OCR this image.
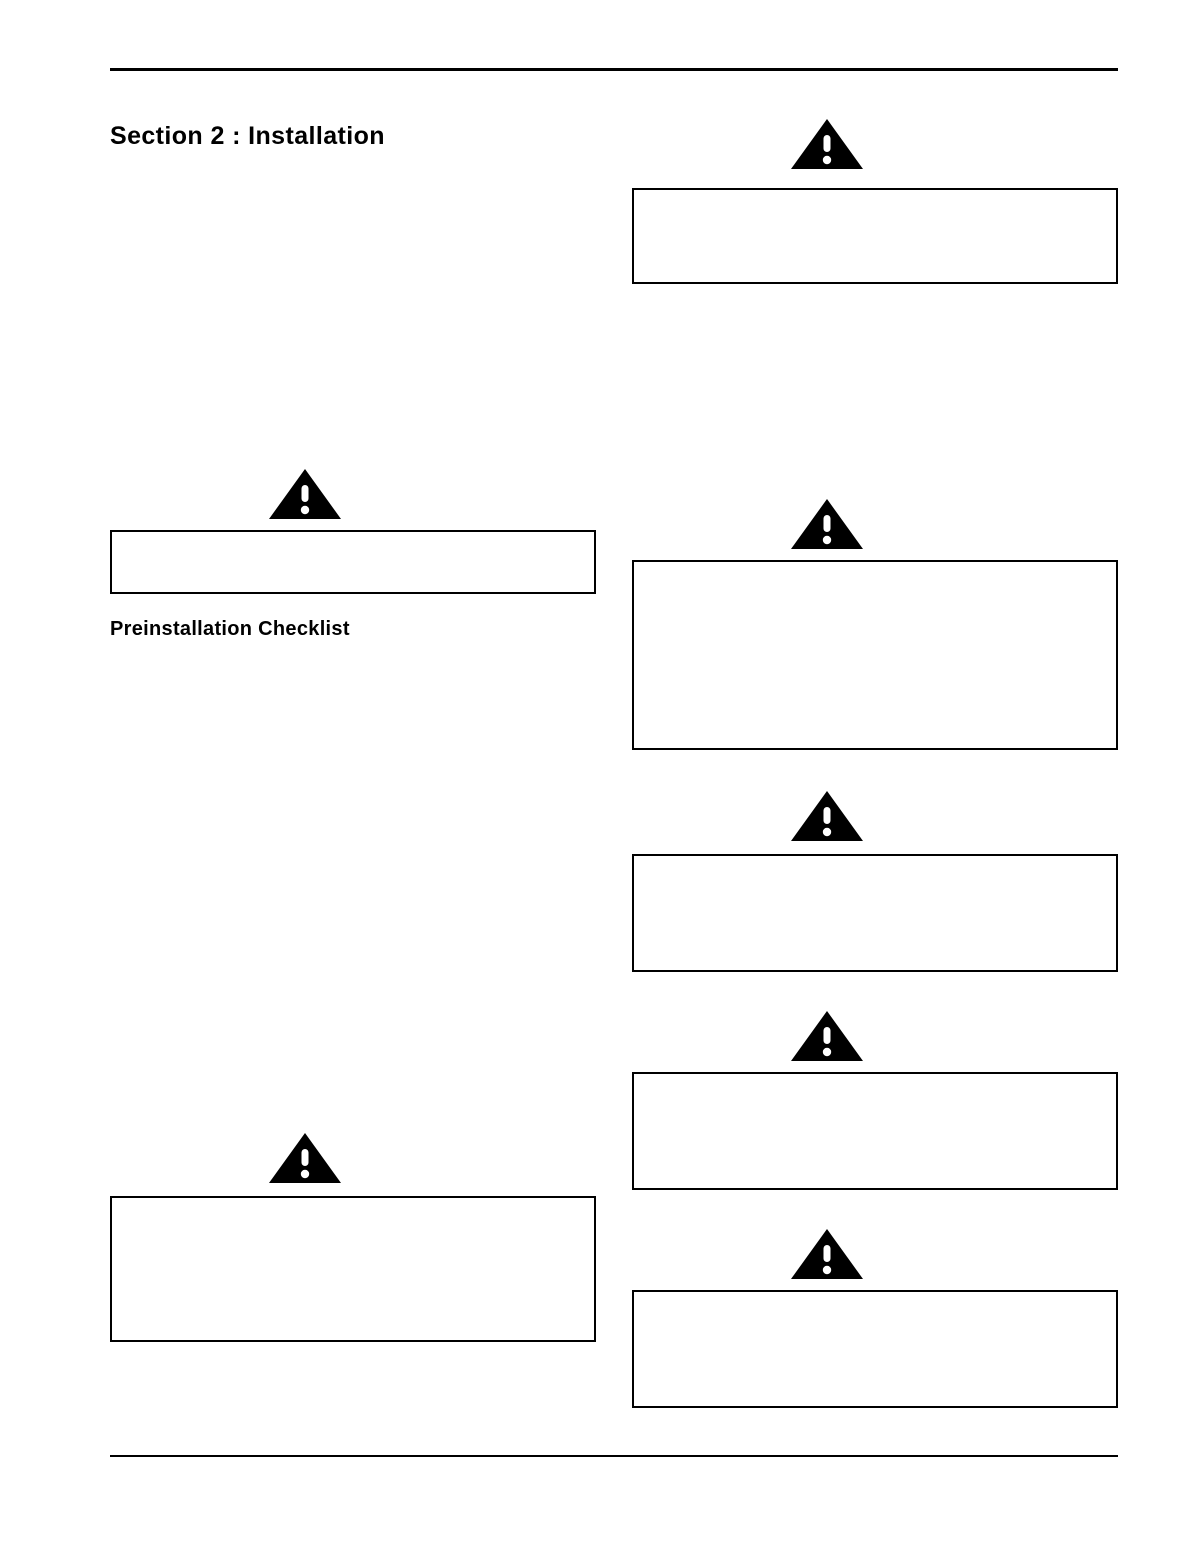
Section 2 : Installation
Preinstallation Checklist
